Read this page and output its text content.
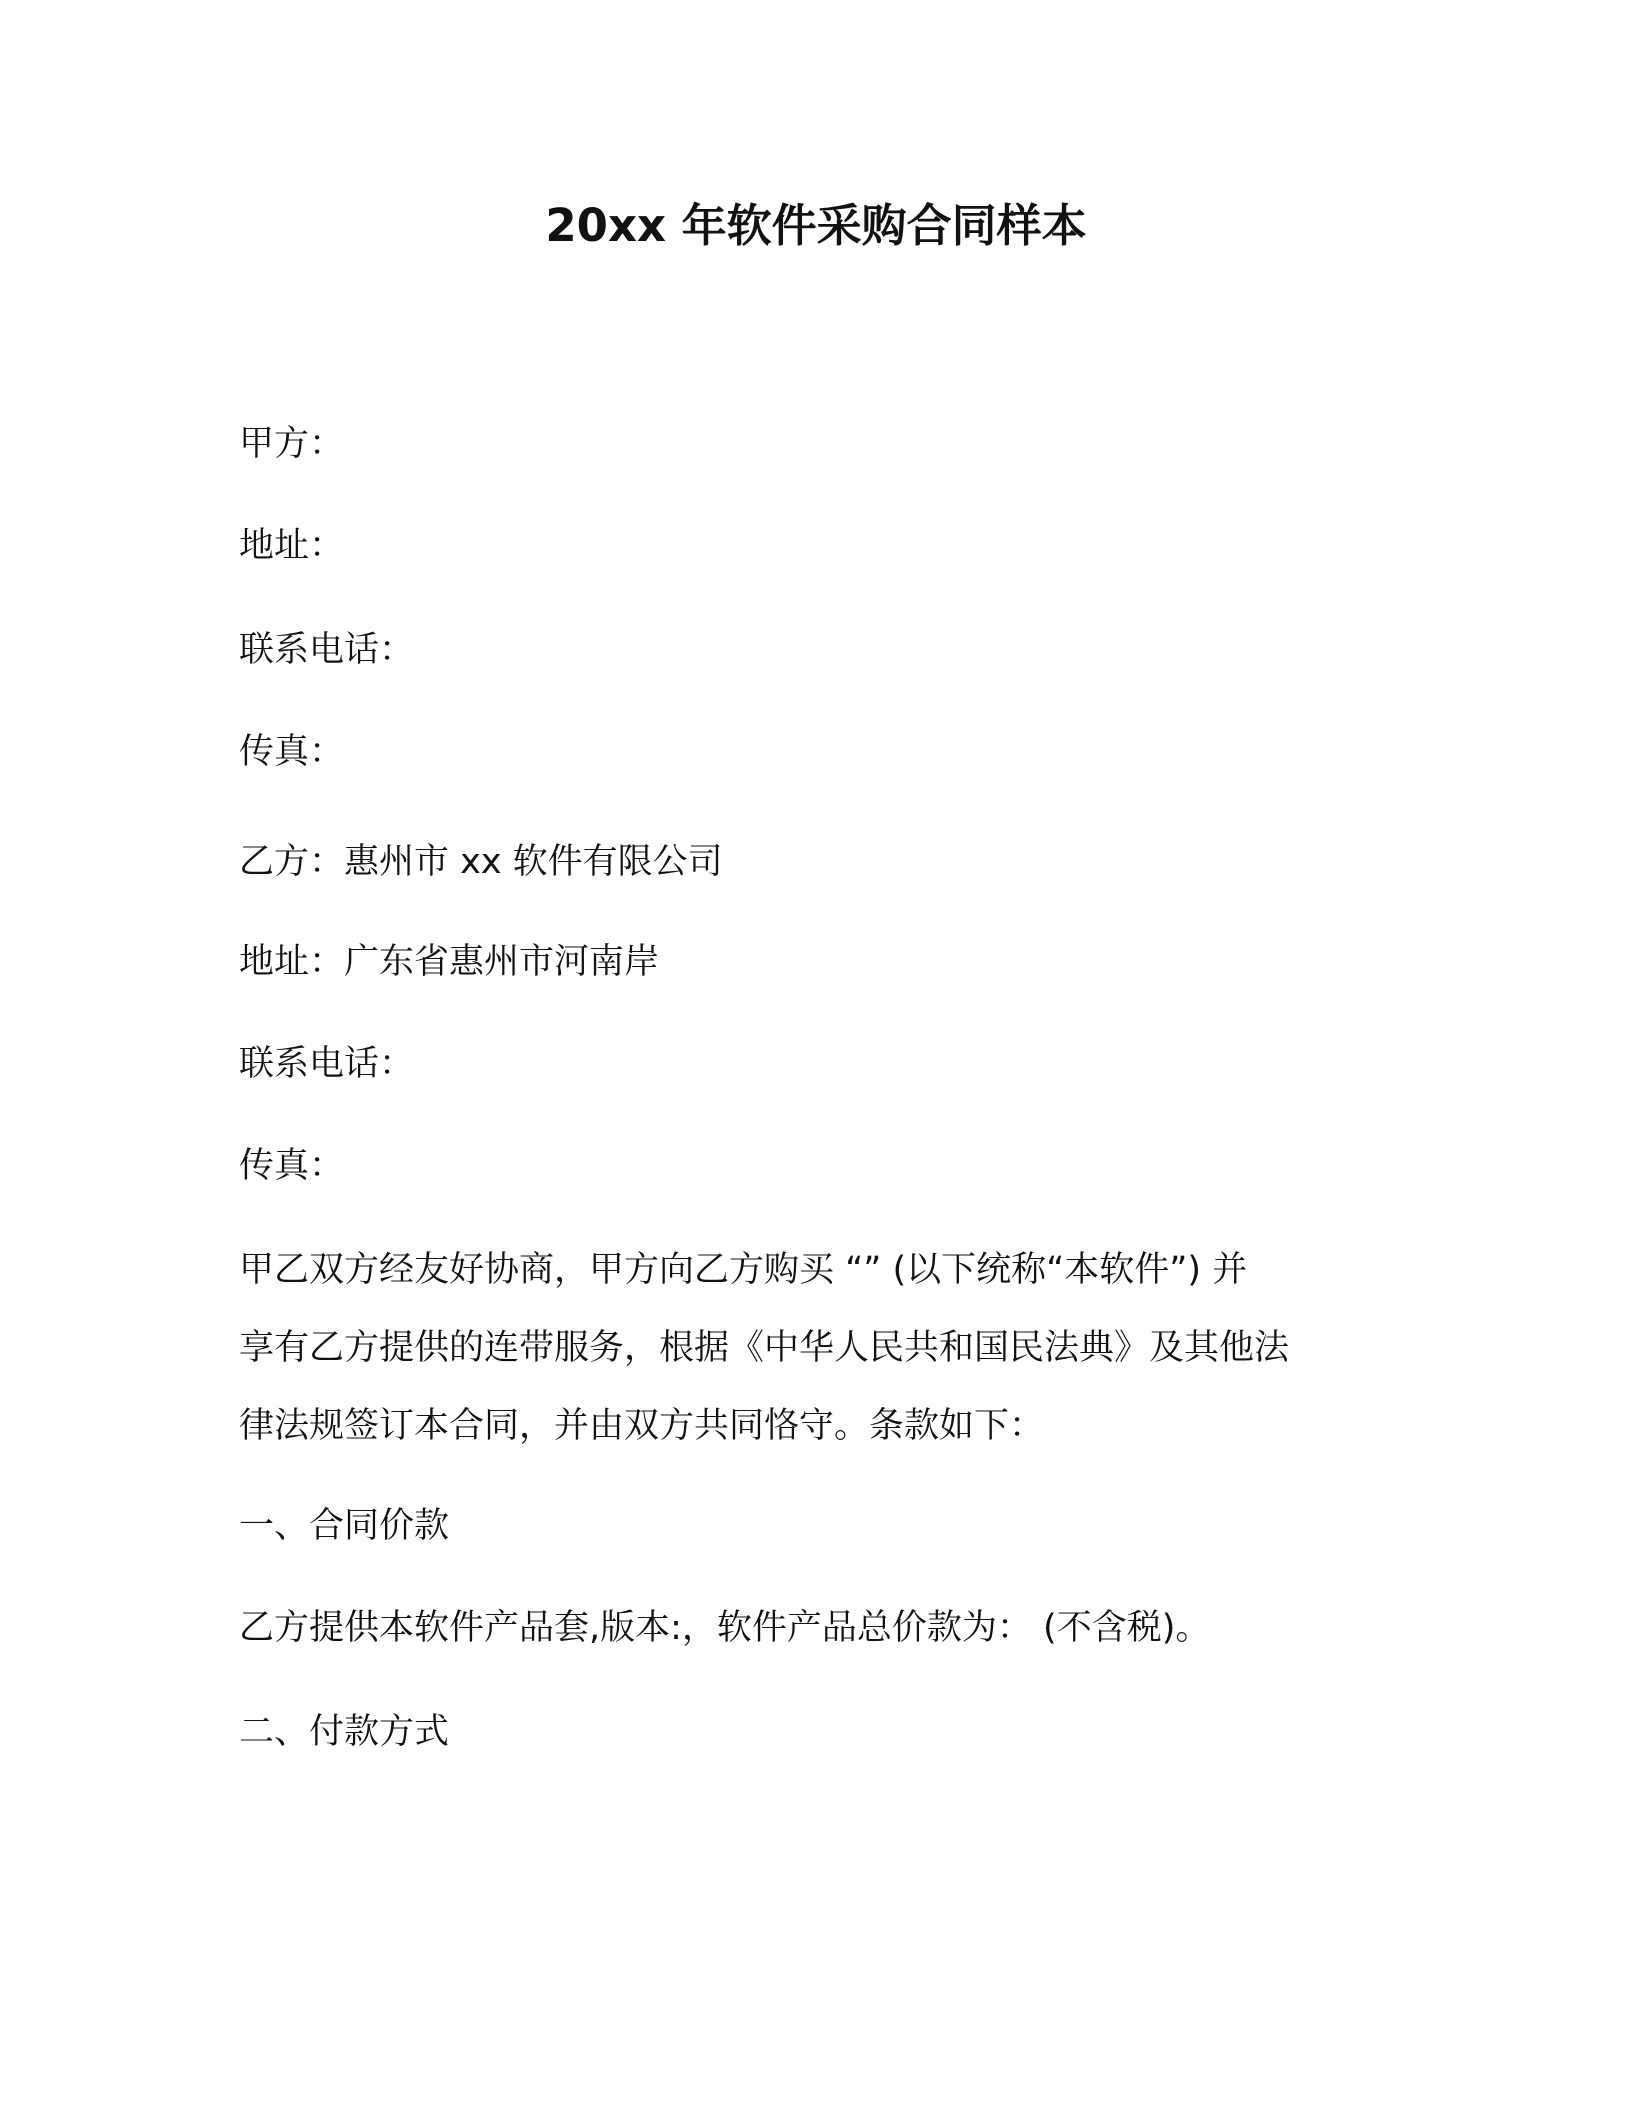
20xx 年软件采购合同样本

甲方：

地址：

联系电话：

传真：

乙方：惠州市 xx 软件有限公司

地址：广东省惠州市河南岸

联系电话：

传真：

甲乙双方经友好协商，甲方向乙方购买 “” (以下统称“本软件”) 并
享有乙方提供的连带服务，根据《中华人民共和国民法典》及其他法
律法规签订本合同，并由双方共同恪守。条款如下：

一、合同价款

乙方提供本软件产品套,版本:，软件产品总价款为： (不含税)。

二、付款方式
